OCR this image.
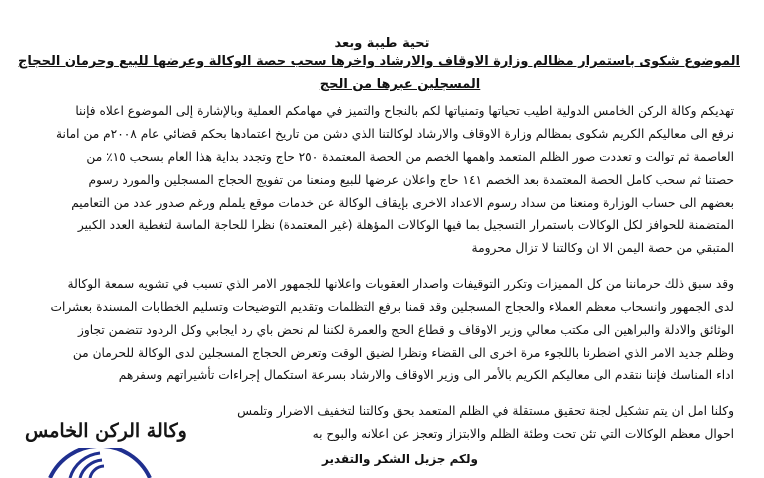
تحية طيبة وبعد
الموضوع شكوى باستمرار مظالم وزارة الاوقاف والارشاد واخرها سحب حصة الوكالة وعرضها للبيع وحرمان الحجاج
المسجلين عبرها من الحج
تهديكم وكالة الركن الخامس الدولية اطيب تحياتها وتمنياتها لكم بالنجاح والتميز في مهامكم العملية وبالإشارة إلى الموضوع اعلاه فإننا
نرفع الى معاليكم الكريم شكوى بمظالم وزارة الاوقاف والارشاد لوكالتنا الذي دشن من تاريخ اعتمادها بحكم قضائي عام ٢٠٠٨م من امانة
العاصمة ثم توالت و تعددت صور الظلم المتعمد واهمها الخصم من الحصة المعتمدة ٢٥٠ حاج وتجدد بداية هذا العام بسحب ١٥٪ من
حصتنا ثم سحب كامل الحصة المعتمدة بعد الخصم ١٤١ حاج واعلان عرضها للبيع ومنعنا من تفويج الحجاج المسجلين والمورد رسوم
بعضهم الى حساب الوزارة ومنعنا من سداد رسوم الاعداد الاخرى بإيقاف الوكالة عن خدمات موقع يلملم ورغم صدور عدد من التعاميم
المتضمنة للحوافز لكل الوكالات باستمرار التسجيل بما فيها الوكالات المؤهلة (غير المعتمدة) نظرا للحاجة الماسة لتغطية العدد الكبير
المتبقي من حصة اليمن الا ان وكالتنا لا تزال محرومة
وقد سبق ذلك حرماننا من كل المميزات وتكرر التوقيفات واصدار العقوبات واعلانها للجمهور الامر الذي تسبب في تشويه سمعة الوكالة
لدى الجمهور وانسحاب معظم العملاء والحجاج المسجلين وقد قمنا برفع التظلمات وتقديم التوضيحات وتسليم الخطابات المسندة بعشرات
الوثائق والادلة والبراهين الى مكتب معالي وزير الاوقاف و قطاع الحج والعمرة لكننا لم نحض باي رد ايجابي وكل الردود تتضمن تجاوز
وظلم جديد الامر الذي اضطرنا باللجوء مرة اخرى الى القضاء ونظرا لضيق الوقت وتعرض الحجاج المسجلين لدى الوكالة للحرمان من
اداء المناسك فإننا نتقدم الى معاليكم الكريم بالأمر الى وزير الاوقاف والارشاد بسرعة استكمال إجراءات تأشيراتهم وسفرهم
وكلنا امل ان يتم تشكيل لجنة تحقيق مستقلة في الظلم المتعمد بحق وكالتنا لتخفيف الاضرار وتلمس
احوال معظم الوكالات التي تئن تحت وطئة الظلم والابتزاز وتعجز عن اعلانه والبوح به
ولكم جزيل الشكر والتقدير
وكالة الركن الخامس
